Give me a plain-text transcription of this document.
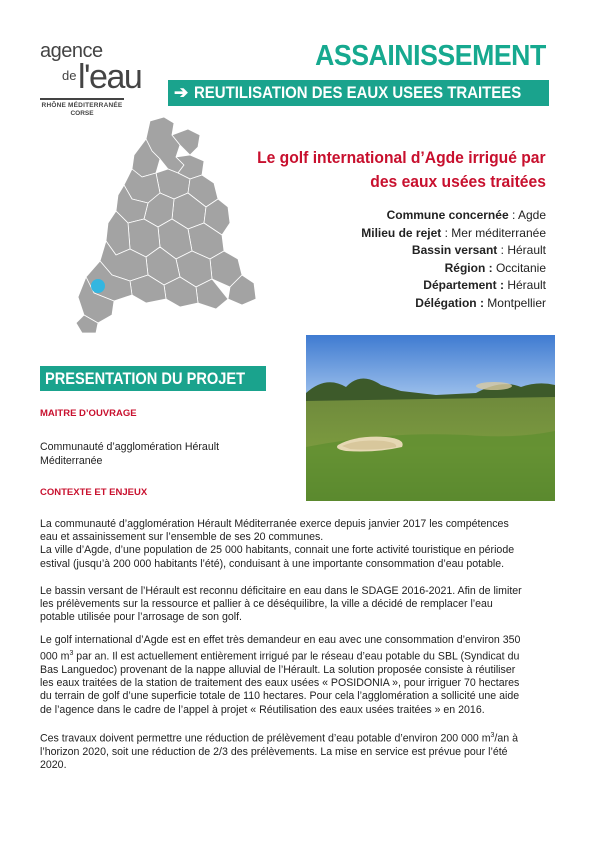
agence
de l'eau
RHÔNE MÉDITERRANÉE
CORSE
ASSAINISSEMENT
➔ REUTILISATION DES EAUX USEES TRAITEES
Le golf international d’Agde irrigué par
des eaux usées traitées
Commune concernée : Agde
Milieu de rejet : Mer méditerranée
Bassin versant : Hérault
Région : Occitanie
Département : Hérault
Délégation : Montpellier
PRESENTATION DU PROJET
MAITRE D’OUVRAGE
Communauté d’agglomération Hérault
Méditerranée
CONTEXTE ET ENJEUX
La communauté d’agglomération Hérault Méditerranée exerce depuis janvier 2017 les compétences
eau et assainissement sur l’ensemble de ses 20 communes.
La ville d’Agde, d’une population de 25 000 habitants, connait une forte activité touristique en période
estival (jusqu’à 200 000 habitants l’été), conduisant à une importante consommation d’eau potable.
Le bassin versant de l’Hérault est reconnu déficitaire en eau dans le SDAGE 2016-2021. Afin de limiter
les prélèvements sur la ressource et pallier à ce déséquilibre, la ville a décidé de remplacer l’eau
potable utilisée pour l’arrosage de son golf.
Le golf international d’Agde est en effet très demandeur en eau avec une consommation d’environ 350
000 $m^3$ par an. Il est actuellement entièrement irrigué par le réseau d’eau potable du SBL (Syndicat du
Bas Languedoc) provenant de la nappe alluvial de l’Hérault. La solution proposée consiste à réutiliser
les eaux traitées de la station de traitement des eaux usées « POSIDONIA », pour irriguer 70 hectares
du terrain de golf d’une superficie totale de 110 hectares. Pour cela l’agglomération a sollicité une aide
de l’agence dans le cadre de l’appel à projet « Réutilisation des eaux usées traitées » en 2016.
Ces travaux doivent permettre une réduction de prélèvement d’eau potable d’environ 200 000 $m^3/an$ à
l’horizon 2020, soit une réduction de 2/3 des prélèvements. La mise en service est prévue pour l’été
2020.
